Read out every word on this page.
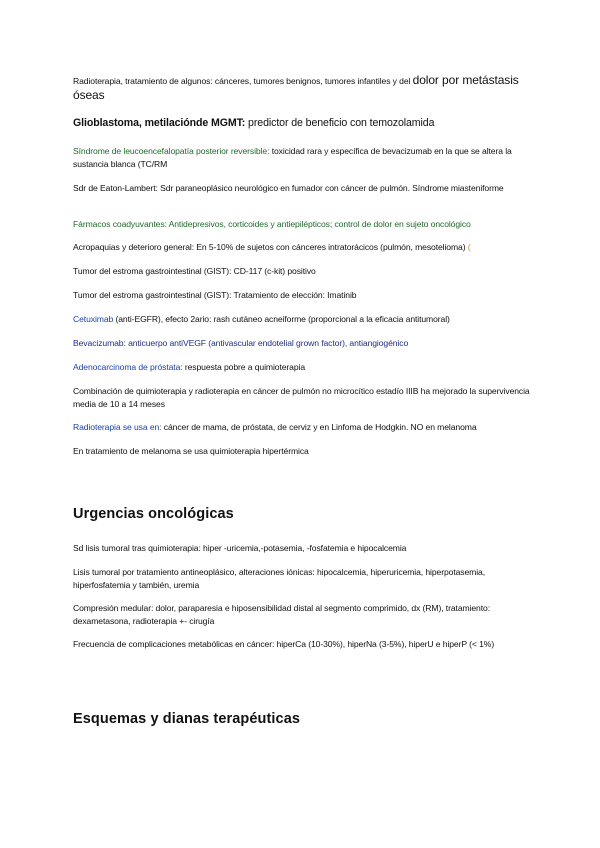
Radioterapia, tratamiento de algunos: cánceres, tumores benignos, tumores infantiles y del dolor por metástasis óseas
Glioblastoma, metilaciónde MGMT: predictor de beneficio con temozolamida
Síndrome de leucoencefalopatía posterior reversible: toxicidad rara y específica de bevacizumab en la que se altera la sustancia blanca (TC/RM
Sdr de Eaton-Lambert: Sdr paraneoplásico neurológico en fumador con cáncer de pulmón. Síndrome miasteniforme
Fármacos coadyuvantes: Antidepresivos, corticoides y antiepilépticos; control de dolor en sujeto oncológico
Acropaquias y deterioro general: En 5-10% de sujetos con cánceres intratorácicos (pulmón, mesotelioma) (
Tumor del estroma gastrointestinal (GIST): CD-117 (c-kit) positivo
Tumor del estroma gastrointestinal (GIST): Tratamiento de elección: Imatinib
Cetuximab (anti-EGFR), efecto 2ario: rash cutáneo acneiforme (proporcional a la eficacia antitumoral)
Bevacizumab: anticuerpo antiVEGF (antivascular endotelial grown factor), antiangiogénico
Adenocarcinoma de próstata: respuesta pobre a quimioterapia
Combinación de quimioterapia y radioterapia en cáncer de pulmón no microcítico estadío IIIB ha mejorado la supervivencia media de 10 a 14 meses
Radioterapia se usa en: cáncer de mama, de próstata, de cerviz y en Linfoma de Hodgkin. NO en melanoma
En tratamiento de melanoma se usa quimioterapia hipertérmica
Urgencias oncológicas
Sd lisis tumoral tras quimioterapia: hiper -uricemia,-potasemia, -fosfatemia e hipocalcemia
Lisis tumoral por tratamiento antineoplásico, alteraciones iónicas: hipocalcemia, hiperuricemia, hiperpotasemia, hiperfosfatemia y también, uremia
Compresión medular: dolor, paraparesia e hiposensibilidad distal al segmento comprimido, dx (RM), tratamiento: dexametasona, radioterapia +- cirugía
Frecuencia de complicaciones metabólicas en cáncer: hiperCa (10-30%), hiperNa (3-5%), hiperU e hiperP (< 1%)
Esquemas y dianas terapéuticas
